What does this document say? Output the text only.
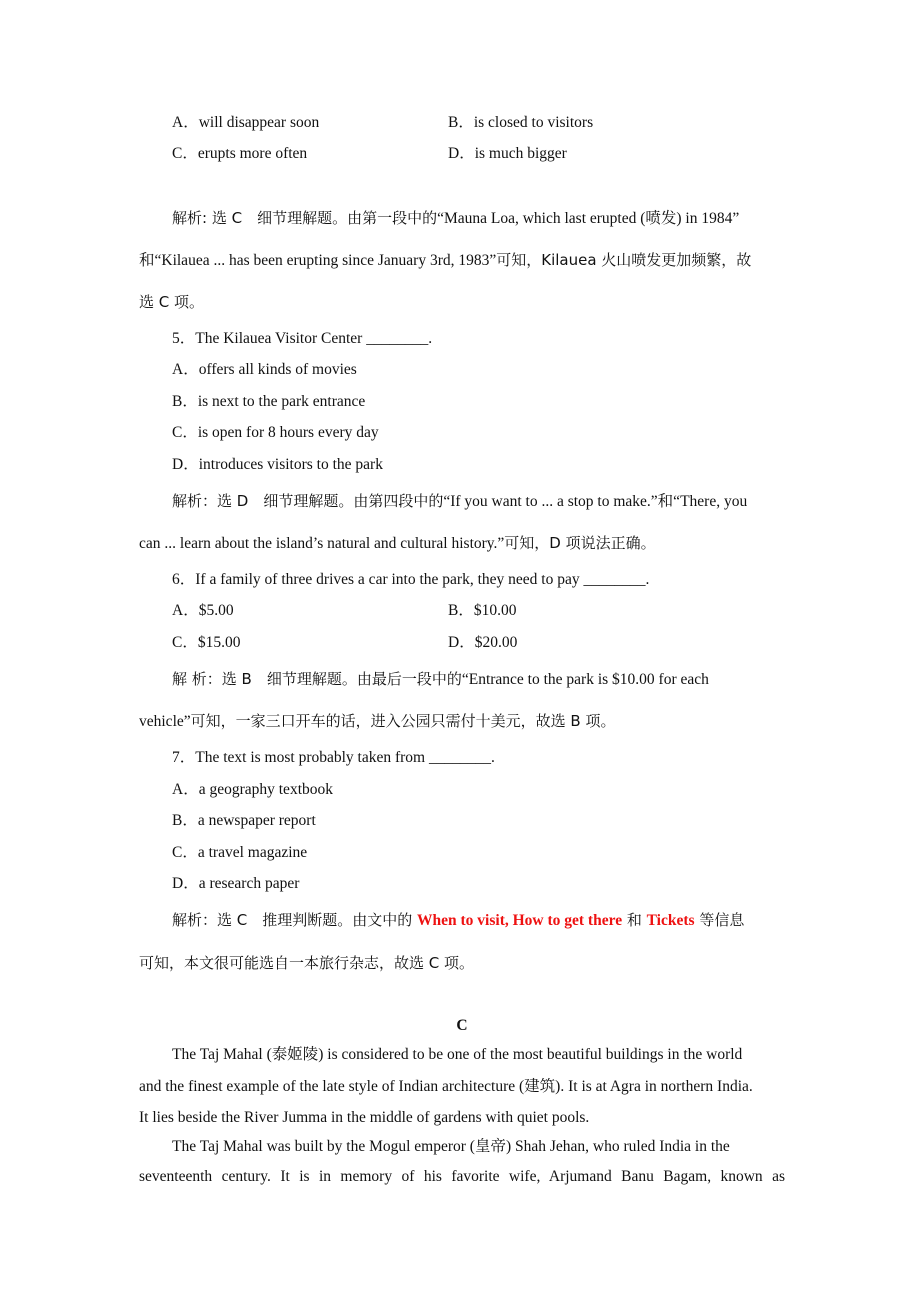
A．will disappear soon	B．is closed to visitors
C．erupts more often	D．is much bigger
解析: 选 C　细节理解题。由第一段中的“Mauna Loa, which last erupted (喷发) in 1984”
和“Kilauea ... has been erupting since January 3rd, 1983”可知，Kilauea 火山喷发更加频繁，故
选 C 项。
5．The Kilauea Visitor Center ________.
A．offers all kinds of movies
B．is next to the park entrance
C．is open for 8 hours every day
D．introduces visitors to the park
解析：选 D　细节理解题。由第四段中的“If you want to ... a stop to make.”和“There, you
can ... learn about the island’s natural and cultural history.”可知，D 项说法正确。
6．If a family of three drives a car into the park, they need to pay ________.
A．$5.00	B．$10.00
C．$15.00	D．$20.00
解 析：选 B　细节理解题。由最后一段中的“Entrance to the park is $10.00 for each
vehicle”可知，一家三口开车的话，进入公园只需付十美元，故选 B 项。
7．The text is most probably taken from ________.
A．a geography textbook
B．a newspaper report
C．a travel magazine
D．a research paper
解析：选 C　推理判断题。由文中的 When to visit, How to get there 和 Tickets 等信息
可知，本文很可能选自一本旅行杂志，故选 C 项。
C
The Taj Mahal (泰姬陵) is considered to be one of the most beautiful buildings in the world
and the finest example of the late style of Indian architecture (建筑). It is at Agra in northern India.
It lies beside the River Jumma in the middle of gardens with quiet pools.
The Taj Mahal was built by the Mogul emperor (皇帝) Shah Jehan, who ruled India in the
seventeenth century. It is in memory of his favorite wife, Arjumand Banu Bagam, known as
